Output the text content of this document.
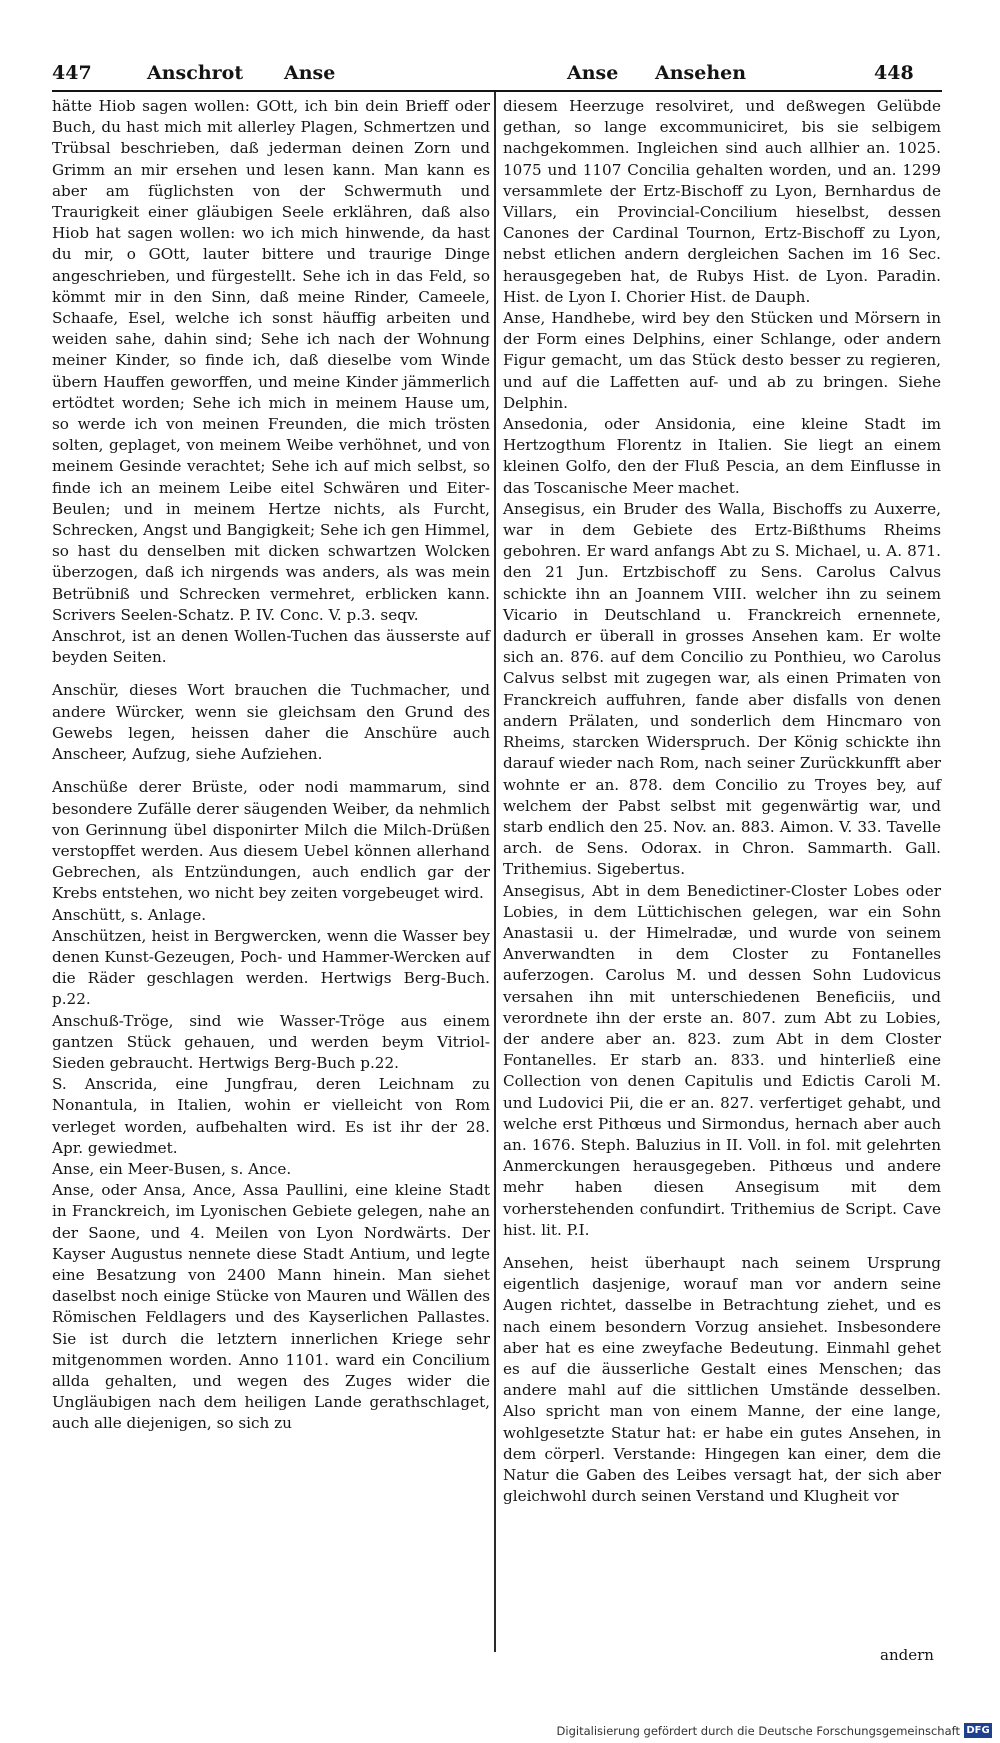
447	Anschrot Anse	Anse Ansehen	448

hätte Hiob sagen wollen: GOtt, ich bin dein Brieff oder Buch, du hast mich mit allerley Plagen, Schmertzen und Trübsal beschrieben, daß jederman deinen Zorn und Grimm an mir ersehen und lesen kann. Man kann es aber am füglichsten von der Schwermuth und Traurigkeit einer gläubigen Seele erklähren, daß also Hiob hat sagen wollen: wo ich mich hinwende, da hast du mir, o GOtt, lauter bittere und traurige Dinge angeschrieben, und fürgestellt. Sehe ich in das Feld, so kömmt mir in den Sinn, daß meine Rinder, Cameele, Schaafe, Esel, welche ich sonst häuffig arbeiten und weiden sahe, dahin sind; Sehe ich nach der Wohnung meiner Kinder, so finde ich, daß dieselbe vom Winde übern Hauffen geworffen, und meine Kinder jämmerlich ertödtet worden; Sehe ich mich in meinem Hause um, so werde ich von meinen Freunden, die mich trösten solten, geplaget, von meinem Weibe verhöhnet, und von meinem Gesinde verachtet; Sehe ich auf mich selbst, so finde ich an meinem Leibe eitel Schwären und Eiter-Beulen; und in meinem Hertze nichts, als Furcht, Schrecken, Angst und Bangigkeit; Sehe ich gen Himmel, so hast du denselben mit dicken schwartzen Wolcken überzogen, daß ich nirgends was anders, als was mein Betrübniß und Schrecken vermehret, erblicken kann. Scrivers Seelen-Schatz. P. IV. Conc. V. p.3. seqv.

Anschrot, ist an denen Wollen-Tuchen das äusserste auf beyden Seiten.

Anschür, dieses Wort brauchen die Tuchmacher, und andere Würcker, wenn sie gleichsam den Grund des Gewebs legen, heissen daher die Anschüre auch Anscheer, Aufzug, siehe Aufziehen.

Anschüße derer Brüste, oder nodi mammarum, sind besondere Zufälle derer säugenden Weiber, da nehmlich von Gerinnung übel disponirter Milch die Milch-Drüßen verstopffet werden. Aus diesem Uebel können allerhand Gebrechen, als Entzündungen, auch endlich gar der Krebs entstehen, wo nicht bey zeiten vorgebeuget wird.

Anschütt, s. Anlage.

Anschützen, heist in Bergwercken, wenn die Wasser bey denen Kunst-Gezeugen, Poch- und Hammer-Wercken auf die Räder geschlagen werden. Hertwigs Berg-Buch. p.22.

Anschuß-Tröge, sind wie Wasser-Tröge aus einem gantzen Stück gehauen, und werden beym Vitriol-Sieden gebraucht. Hertwigs Berg-Buch p.22.

S. Anscrida, eine Jungfrau, deren Leichnam zu Nonantula, in Italien, wohin er vielleicht von Rom verleget worden, aufbehalten wird. Es ist ihr der 28. Apr. gewiedmet.

Anse, ein Meer-Busen, s. Ance.

Anse, oder Ansa, Ance, Assa Paullini, eine kleine Stadt in Franckreich, im Lyonischen Gebiete gelegen, nahe an der Saone, und 4. Meilen von Lyon Nordwärts. Der Kayser Augustus nennete diese Stadt Antium, und legte eine Besatzung von 2400 Mann hinein. Man siehet daselbst noch einige Stücke von Mauren und Wällen des Römischen Feldlagers und des Kayserlichen Pallastes. Sie ist durch die letztern innerlichen Kriege sehr mitgenommen worden. Anno 1101. ward ein Concilium allda gehalten, und wegen des Zuges wider die Ungläubigen nach dem heiligen Lande gerathschlaget, auch alle diejenigen, so sich zu

diesem Heerzuge resolviret, und deßwegen Gelübde gethan, so lange excommuniciret, bis sie selbigem nachgekommen. Ingleichen sind auch allhier an. 1025. 1075 und 1107 Concilia gehalten worden, und an. 1299 versammlete der Ertz-Bischoff zu Lyon, Bernhardus de Villars, ein Provincial-Concilium hieselbst, dessen Canones der Cardinal Tournon, Ertz-Bischoff zu Lyon, nebst etlichen andern dergleichen Sachen im 16 Sec. herausgegeben hat, de Rubys Hist. de Lyon. Paradin. Hist. de Lyon I. Chorier Hist. de Dauph.

Anse, Handhebe, wird bey den Stücken und Mörsern in der Form eines Delphins, einer Schlange, oder andern Figur gemacht, um das Stück desto besser zu regieren, und auf die Laffetten auf- und ab zu bringen. Siehe Delphin.

Ansedonia, oder Ansidonia, eine kleine Stadt im Hertzogthum Florentz in Italien. Sie liegt an einem kleinen Golfo, den der Fluß Pescia, an dem Einflusse in das Toscanische Meer machet.

Ansegisus, ein Bruder des Walla, Bischoffs zu Auxerre, war in dem Gebiete des Ertz-Bißthums Rheims gebohren. Er ward anfangs Abt zu S. Michael, u. A. 871. den 21 Jun. Ertzbischoff zu Sens. Carolus Calvus schickte ihn an Joannem VIII. welcher ihn zu seinem Vicario in Deutschland u. Franckreich ernennete, dadurch er überall in grosses Ansehen kam. Er wolte sich an. 876. auf dem Concilio zu Ponthieu, wo Carolus Calvus selbst mit zugegen war, als einen Primaten von Franckreich auffuhren, fande aber disfalls von denen andern Prälaten, und sonderlich dem Hincmaro von Rheims, starcken Widerspruch. Der König schickte ihn darauf wieder nach Rom, nach seiner Zurückkunfft aber wohnte er an. 878. dem Concilio zu Troyes bey, auf welchem der Pabst selbst mit gegenwärtig war, und starb endlich den 25. Nov. an. 883. Aimon. V. 33. Tavelle arch. de Sens. Odorax. in Chron. Sammarth. Gall. Trithemius. Sigebertus.

Ansegisus, Abt in dem Benedictiner-Closter Lobes oder Lobies, in dem Lüttichischen gelegen, war ein Sohn Anastasii u. der Himelradæ, und wurde von seinem Anverwandten in dem Closter zu Fontanelles auferzogen. Carolus M. und dessen Sohn Ludovicus versahen ihn mit unterschiedenen Beneficiis, und verordnete ihn der erste an. 807. zum Abt zu Lobies, der andere aber an. 823. zum Abt in dem Closter Fontanelles. Er starb an. 833. und hinterließ eine Collection von denen Capitulis und Edictis Caroli M. und Ludovici Pii, die er an. 827. verfertiget gehabt, und welche erst Pithœus und Sirmondus, hernach aber auch an. 1676. Steph. Baluzius in II. Voll. in fol. mit gelehrten Anmerckungen herausgegeben. Pithœus und andere mehr haben diesen Ansegisum mit dem vorherstehenden confundirt. Trithemius de Script. Cave hist. lit. P.I.

Ansehen, heist überhaupt nach seinem Ursprung eigentlich dasjenige, worauf man vor andern seine Augen richtet, dasselbe in Betrachtung ziehet, und es nach einem besondern Vorzug ansiehet. Insbesondere aber hat es eine zweyfache Bedeutung. Einmahl gehet es auf die äusserliche Gestalt eines Menschen; das andere mahl auf die sittlichen Umstände desselben. Also spricht man von einem Manne, der eine lange, wohlgesetzte Statur hat: er habe ein gutes Ansehen, in dem cörperl. Verstande: Hingegen kan einer, dem die Natur die Gaben des Leibes versagt hat, der sich aber gleichwohl durch seinen Verstand und Klugheit vor

andern
Digitalisierung gefördert durch die Deutsche Forschungsgemeinschaft DFG
